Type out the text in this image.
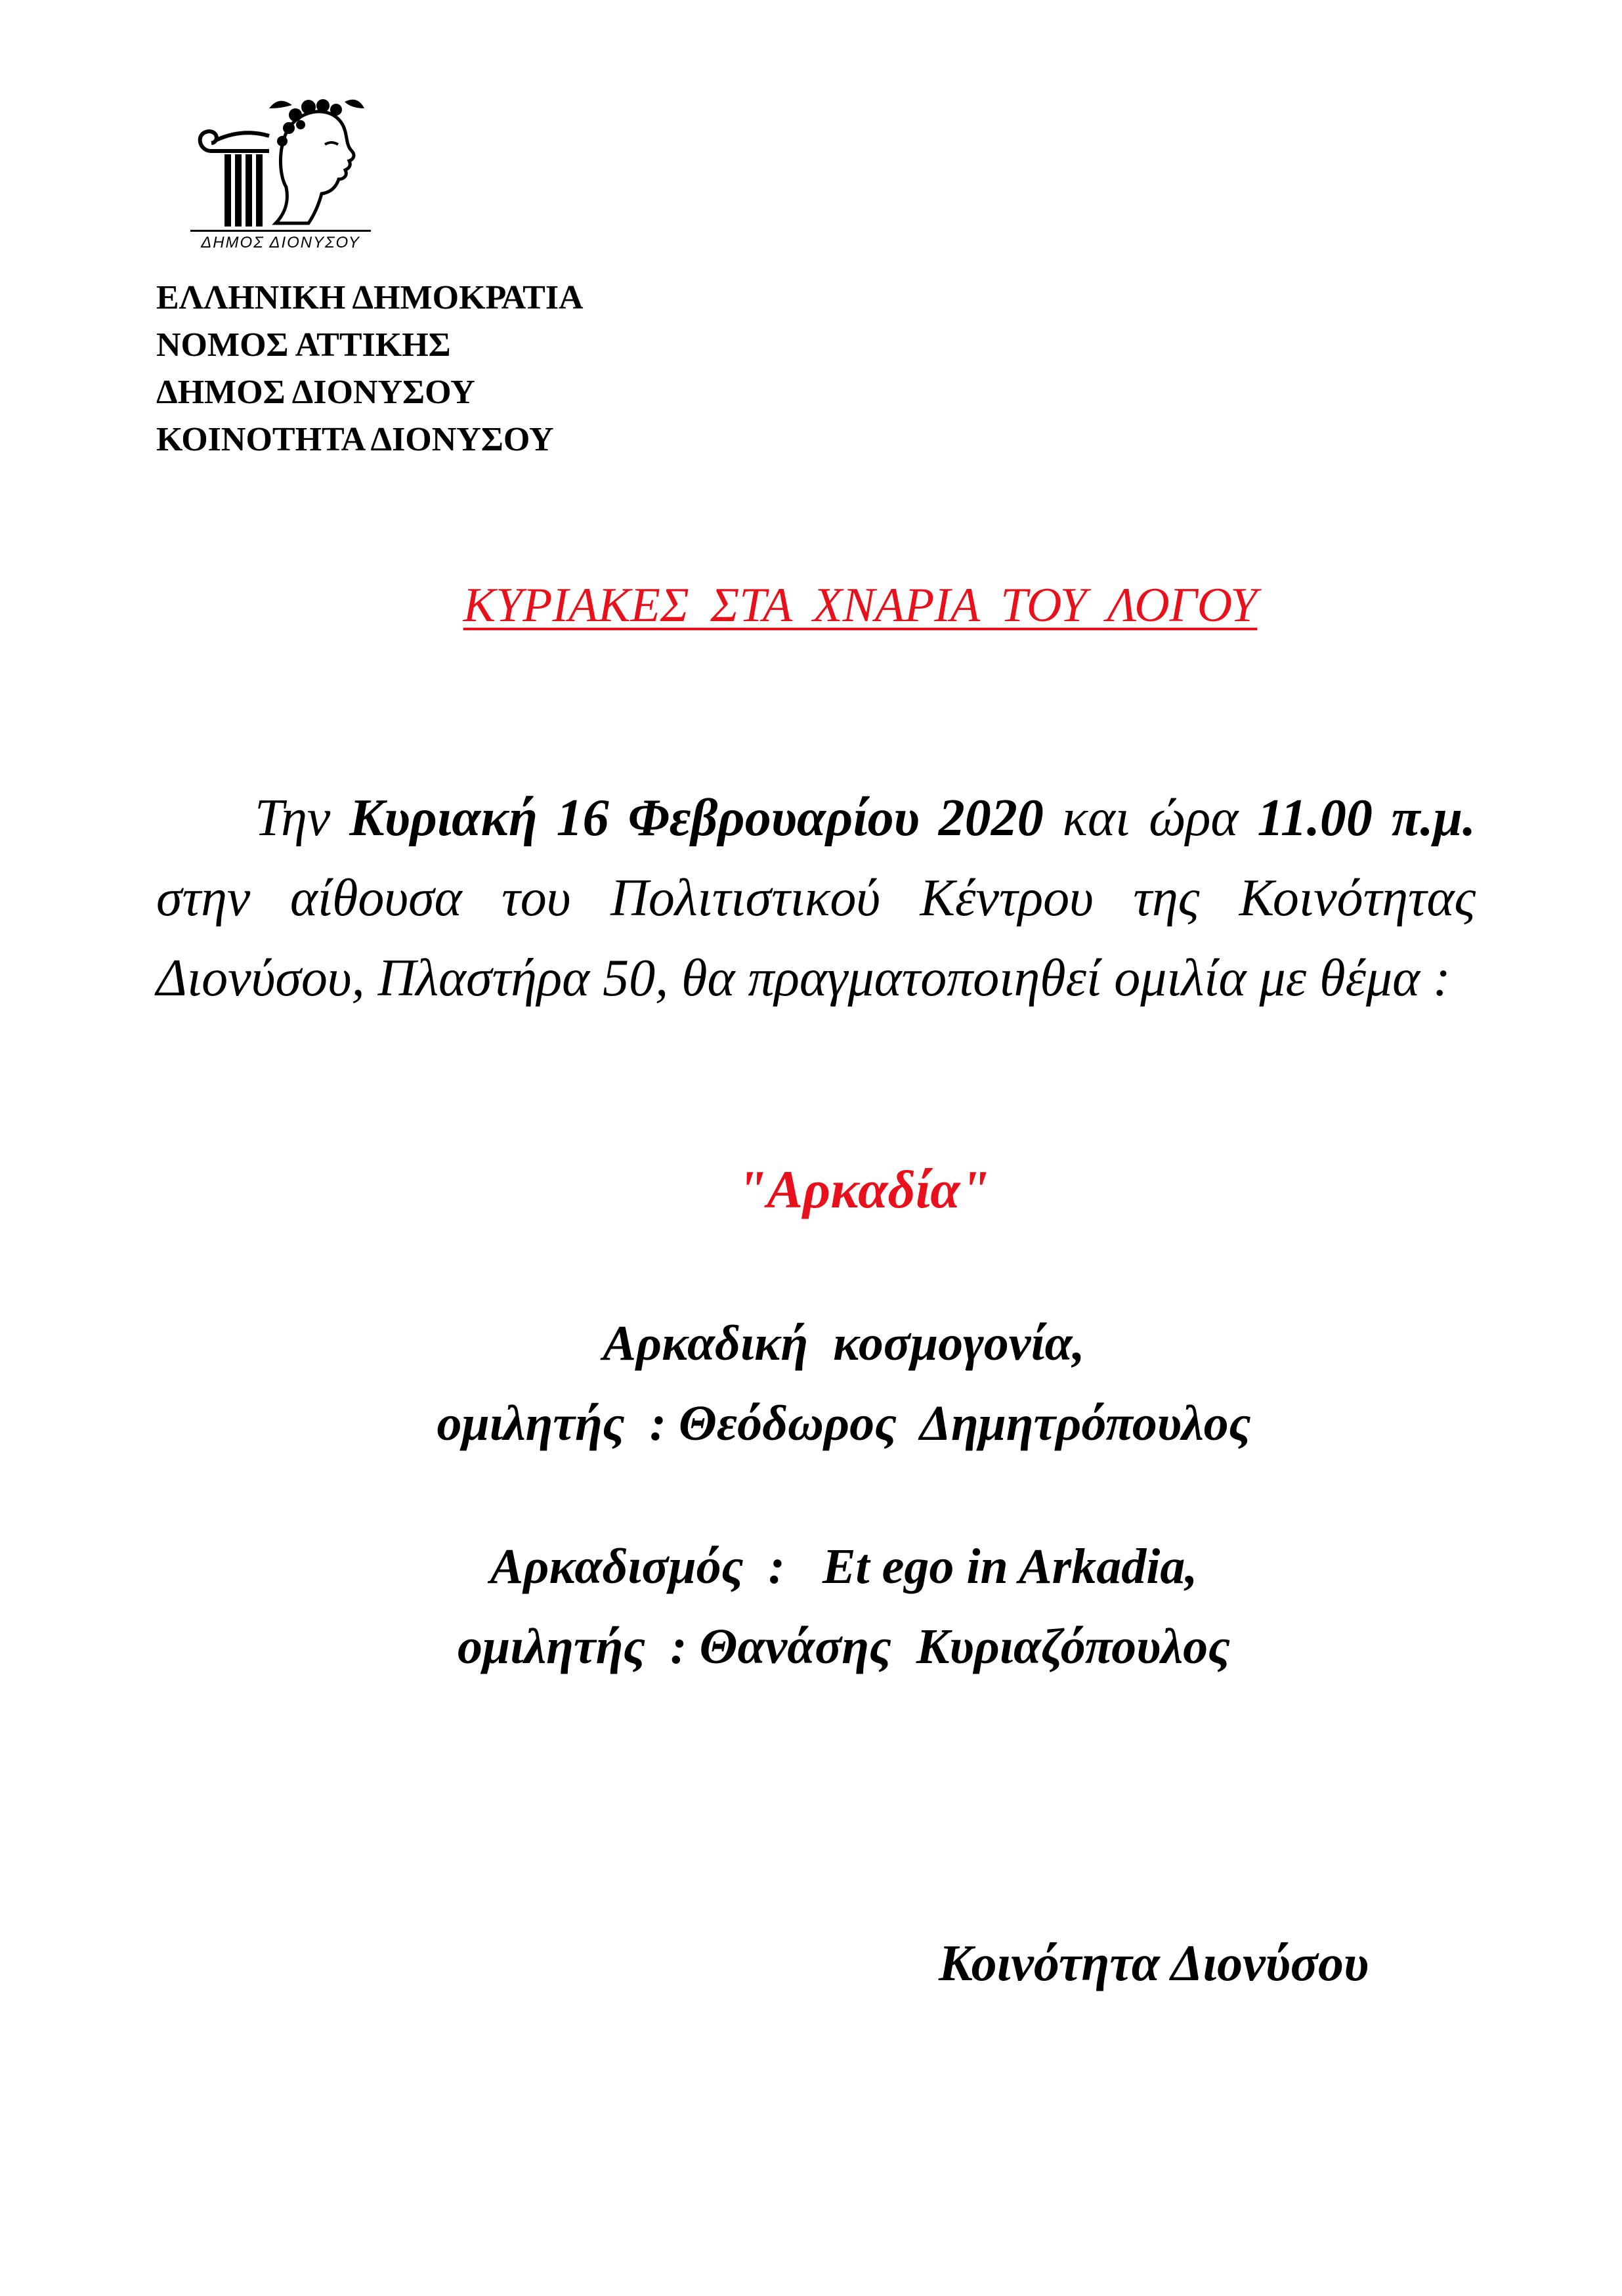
ΔΗΜΟΣ ΔΙΟΝΥΣΟΥ
ΕΛΛΗΝΙΚΗ ΔΗΜΟΚΡΑΤΙΑ
ΝΟΜΟΣ ΑΤΤΙΚΗΣ
ΔΗΜΟΣ ΔΙΟΝΥΣΟΥ
ΚΟΙΝΟΤΗΤΑ ΔΙΟΝΥΣΟΥ
ΚΥΡΙΑΚΕΣ ΣΤΑ ΧΝΑΡΙΑ ΤΟΥ ΛΟΓΟΥ
Την Κυριακή 16 Φεβρουαρίου 2020 και ώρα 11.00 π.μ. στην αίθουσα του Πολιτιστικού Κέντρου της Κοινότητας Διονύσου, Πλαστήρα 50, θα πραγματοποιηθεί ομιλία με θέμα :
"Αρκαδία"
Αρκαδική  κοσμογονία,
ομιλητής  : Θεόδωρος  Δημητρόπουλος
Αρκαδισμός  :   Et ego in Arkadia,
ομιλητής  : Θανάσης  Κυριαζόπουλος
Κοινότητα Διονύσου
